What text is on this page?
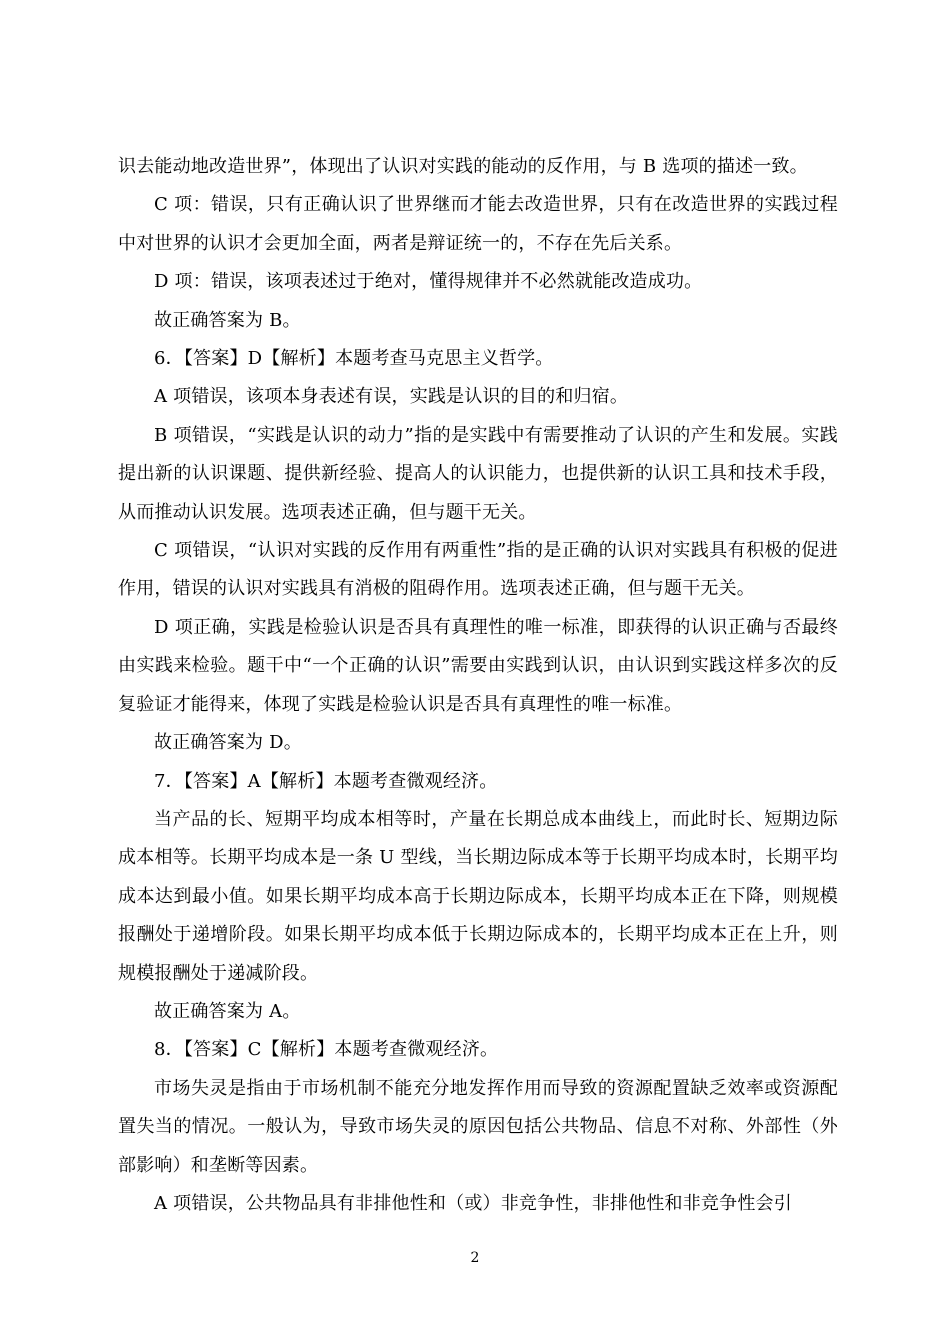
识去能动地改造世界”，体现出了认识对实践的能动的反作用，与 B 选项的描述一致。

C 项：错误，只有正确认识了世界继而才能去改造世界，只有在改造世界的实践过程中对世界的认识才会更加全面，两者是辩证统一的，不存在先后关系。

D 项：错误，该项表述过于绝对，懂得规律并不必然就能改造成功。

故正确答案为 B。

6．【答案】D【解析】本题考查马克思主义哲学。

A 项错误，该项本身表述有误，实践是认识的目的和归宿。

B 项错误，“实践是认识的动力”指的是实践中有需要推动了认识的产生和发展。实践提出新的认识课题、提供新经验、提高人的认识能力，也提供新的认识工具和技术手段，从而推动认识发展。选项表述正确，但与题干无关。

C 项错误，“认识对实践的反作用有两重性”指的是正确的认识对实践具有积极的促进作用，错误的认识对实践具有消极的阻碍作用。选项表述正确，但与题干无关。

D 项正确，实践是检验认识是否具有真理性的唯一标准，即获得的认识正确与否最终由实践来检验。题干中“一个正确的认识”需要由实践到认识，由认识到实践这样多次的反复验证才能得来，体现了实践是检验认识是否具有真理性的唯一标准。

故正确答案为 D。

7．【答案】A【解析】本题考查微观经济。

当产品的长、短期平均成本相等时，产量在长期总成本曲线上，而此时长、短期边际成本相等。长期平均成本是一条 U 型线，当长期边际成本等于长期平均成本时，长期平均成本达到最小值。如果长期平均成本高于长期边际成本，长期平均成本正在下降，则规模报酬处于递增阶段。如果长期平均成本低于长期边际成本的，长期平均成本正在上升，则规模报酬处于递减阶段。

故正确答案为 A。

8．【答案】C【解析】本题考查微观经济。

市场失灵是指由于市场机制不能充分地发挥作用而导致的资源配置缺乏效率或资源配置失当的情况。一般认为，导致市场失灵的原因包括公共物品、信息不对称、外部性（外部影响）和垄断等因素。

A 项错误，公共物品具有非排他性和（或）非竞争性，非排他性和非竞争性会引

2
